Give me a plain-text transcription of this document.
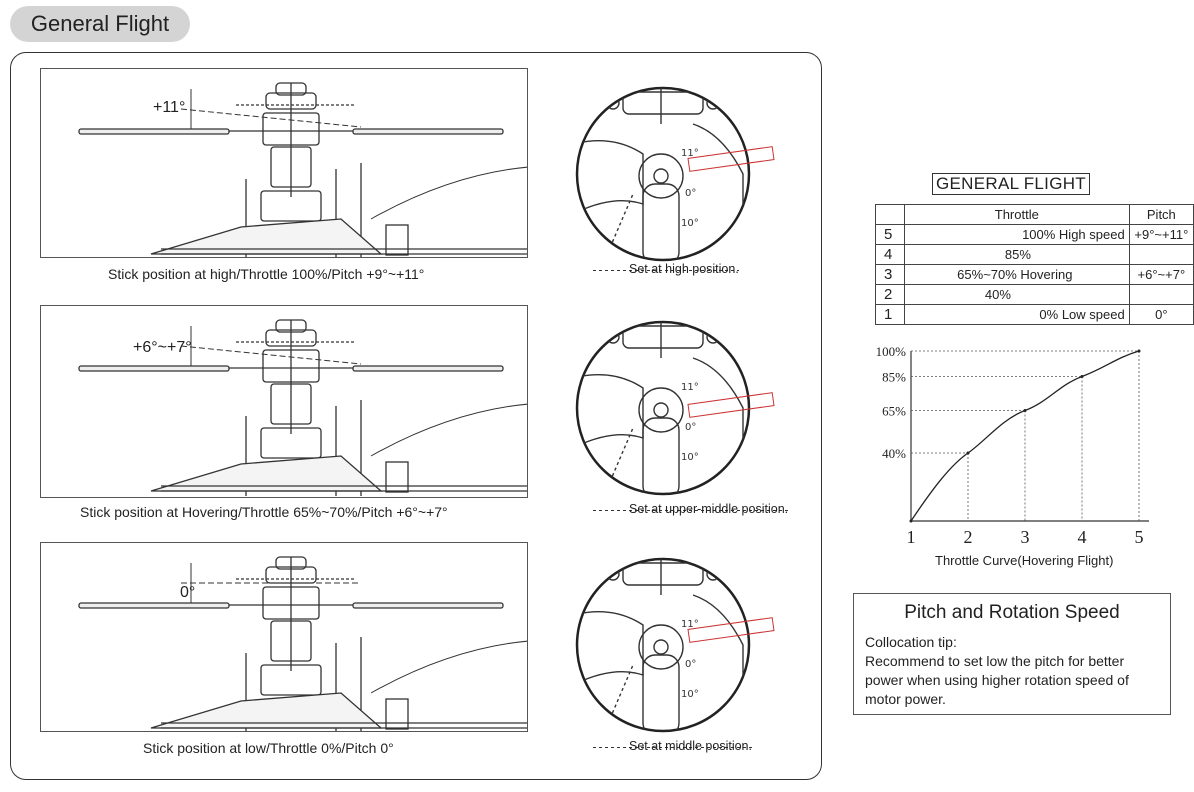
General Flight
+11°
Stick position at high/Throttle 100%/Pitch +9°~+11°
11°
0°
10°
Set at high position.
+6°~+7°
Stick position at Hovering/Throttle 65%~70%/Pitch +6°~+7°
11°
0°
10°
Set at upper-middle position.
0°
Stick position at low/Throttle 0%/Pitch 0°
11°
0°
10°
Set at middle position.
GENERAL FLIGHT
	Throttle	Pitch
5	100% High speed	+9°~+11°
4	85%	
3	65%~70% Hovering	+6°~+7°
2	40%	
1	0% Low speed	0°
1	2	3	4	5
100%
85%
65%
40%
Throttle Curve(Hovering Flight)
Pitch and Rotation Speed
Collocation tip:
Recommend to set low the pitch for better power when using higher rotation speed of motor power.
